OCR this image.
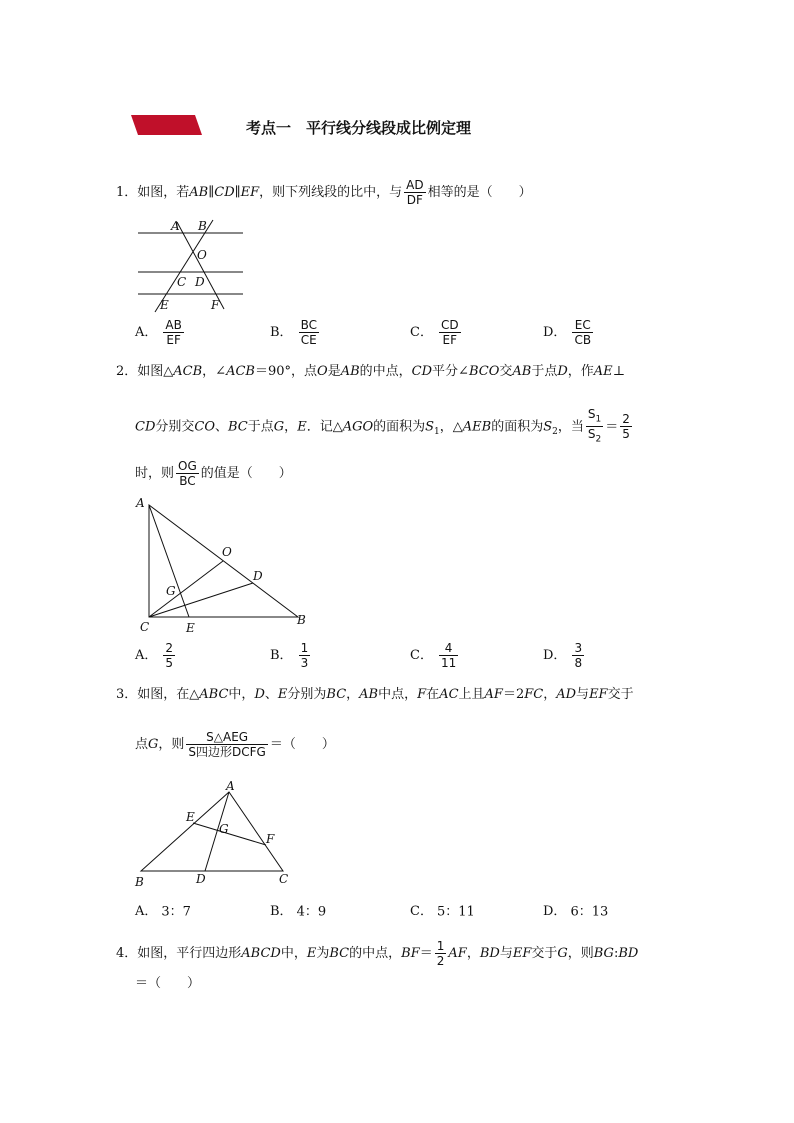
考点一　平行线分线段成比例定理
1．如图，若AB∥CD∥EF，则下列线段的比中，与 $\frac{AD}{DF}$ 相等的是（　　）
A B
O
C D
E	F
A． $\frac{AB}{EF}$	B． $\frac{BC}{CE}$	C． $\frac{CD}{EF}$	D． $\frac{EC}{CB}$
2．如图△ACB，∠ACB＝90°，点O是AB的中点，CD平分∠BCO交AB于点D，作AE⊥
CD分别交CO、BC于点G，E．记△AGO的面积为$S_1$，△AEB的面积为$S_2$，当 $\frac{S_1}{S_2} = \frac{2}{5}$
时，则 $\frac{OG}{BC}$ 的值是（　　）
A
O
D
G
C	E
B
A． $\frac{2}{5}$	B． $\frac{1}{3}$	C． $\frac{4}{11}$	D． $\frac{3}{8}$
3．如图，在△ABC中，D、E分别为BC，AB中点，F在AC上且AF＝2FC，AD与EF交于
点G，则 $\frac{\text{S△AEG}}{\text{S四边形DCFG}}$ ＝（　　）
A
E
G
F
B	D	C
A． 3：7	B． 4：9	C． 5：11	D． 6：13
4．如图，平行四边形ABCD中，E为BC的中点，$BF= \frac{1}{2}$ AF，BD与EF交于G，则BG:BD
＝（　　）
